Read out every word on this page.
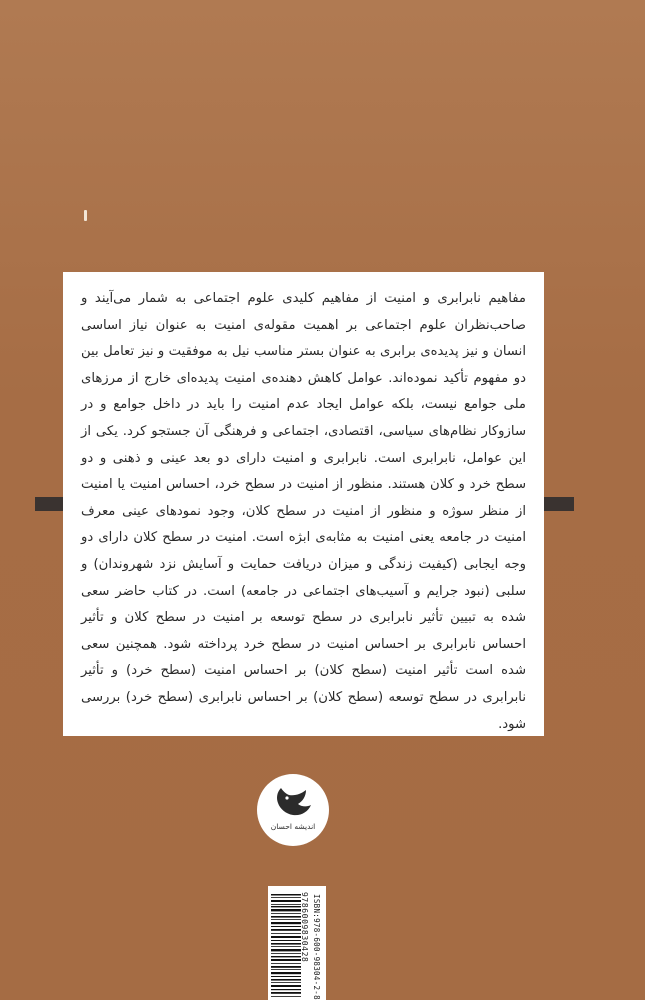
مفاهیم نابرابری و امنیت از مفاهیم کلیدی علوم اجتماعی به شمار می‌آیند و صاحب‌نظران علوم اجتماعی بر اهمیت مقوله‌ی امنیت به عنوان نیاز اساسی انسان و نیز پدیده‌ی برابری به عنوان بستر مناسب نیل به موفقیت و نیز تعامل بین دو مفهوم تأکید نموده‌اند. عوامل کاهش دهنده‌ی امنیت پدیده‌ای خارج از مرزهای ملی جوامع نیست، بلکه عوامل ایجاد عدم امنیت را باید در داخل جوامع و در سازوکار نظام‌های سیاسی، اقتصادی، اجتماعی و فرهنگی آن جستجو کرد. یکی از این عوامل، نابرابری است. نابرابری و امنیت دارای دو بعد عینی و ذهنی و دو سطح خرد و کلان هستند. منظور از امنیت در سطح خرد، احساس امنیت یا امنیت از منظر سوژه و منظور از امنیت در سطح کلان، وجود نمودهای عینی معرف امنیت در جامعه یعنی امنیت به مثابه‌ی ابژه است. امنیت در سطح کلان دارای دو وجه ایجابی (کیفیت زندگی و میزان دریافت حمایت و آسایش نزد شهروندان) و سلبی (نبود جرایم و آسیب‌های اجتماعی در جامعه) است. در کتاب حاضر سعی شده به تبیین تأثیر نابرابری در سطح توسعه بر امنیت در سطح کلان و تأثیر احساس نابرابری بر احساس امنیت در سطح خرد پرداخته شود. همچنین سعی شده است تأثیر امنیت (سطح کلان) بر احساس امنیت (سطح خرد) و تأثیر نابرابری در سطح توسعه (سطح کلان) بر احساس نابرابری (سطح خرد) بررسی شود.

اندیشه احسان
9786009830428 ISBN:978-600-98304-2-8
